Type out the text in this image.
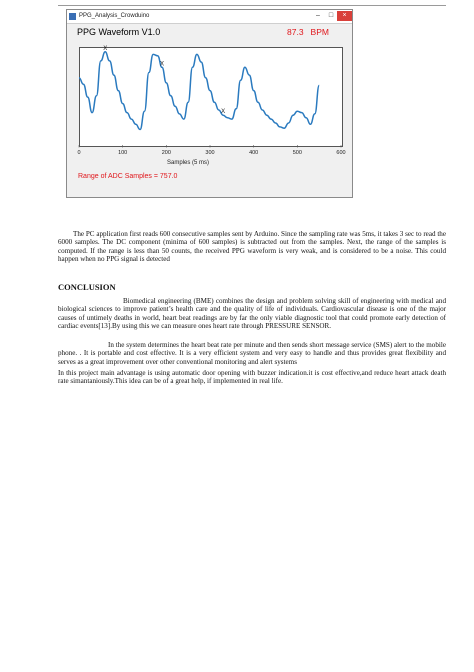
PPG_Analysis_Crowduino	–	□	×
PPG Waveform V1.0	87.3 BPM
0	100	200	300	400	500	600
X
X
X
Samples (5 ms)
Range of ADC Samples = 757.0

The PC application first reads 600 consecutive samples sent by Arduino. Since the sampling rate was 5ms, it takes 3 sec to read the 6000 samples. The DC component (minima of 600 samples) is subtracted out from the samples. Next, the range of the samples is computed. If the range is less than 50 counts, the received PPG waveform is very weak, and is considered to be a noise. This could happen when no PPG signal is detected

CONCLUSION

Biomedical engineering (BME) combines the design and problem solving skill of engineering with medical and biological sciences to improve patient’s health care and the quality of life of individuals. Cardiovascular disease is one of the major causes of untimely deaths in world, heart beat readings are by far the only viable diagnostic tool that could promote early detection of cardiac events[13].By using this we can measure ones heart rate through PRESSURE SENSOR.

In the system determines the heart beat rate per minute and then sends short message service (SMS) alert to the mobile phone. . It is portable and cost effective. It is a very efficient system and very easy to handle and thus provides great flexibility and serves as a great improvement over other conventional monitoring and alert systems

In this project main advantage is using automatic door opening with buzzer indication.it is cost effective,and reduce heart attack death rate simantaniously.This idea can be of a great help, if implemented in real life.
